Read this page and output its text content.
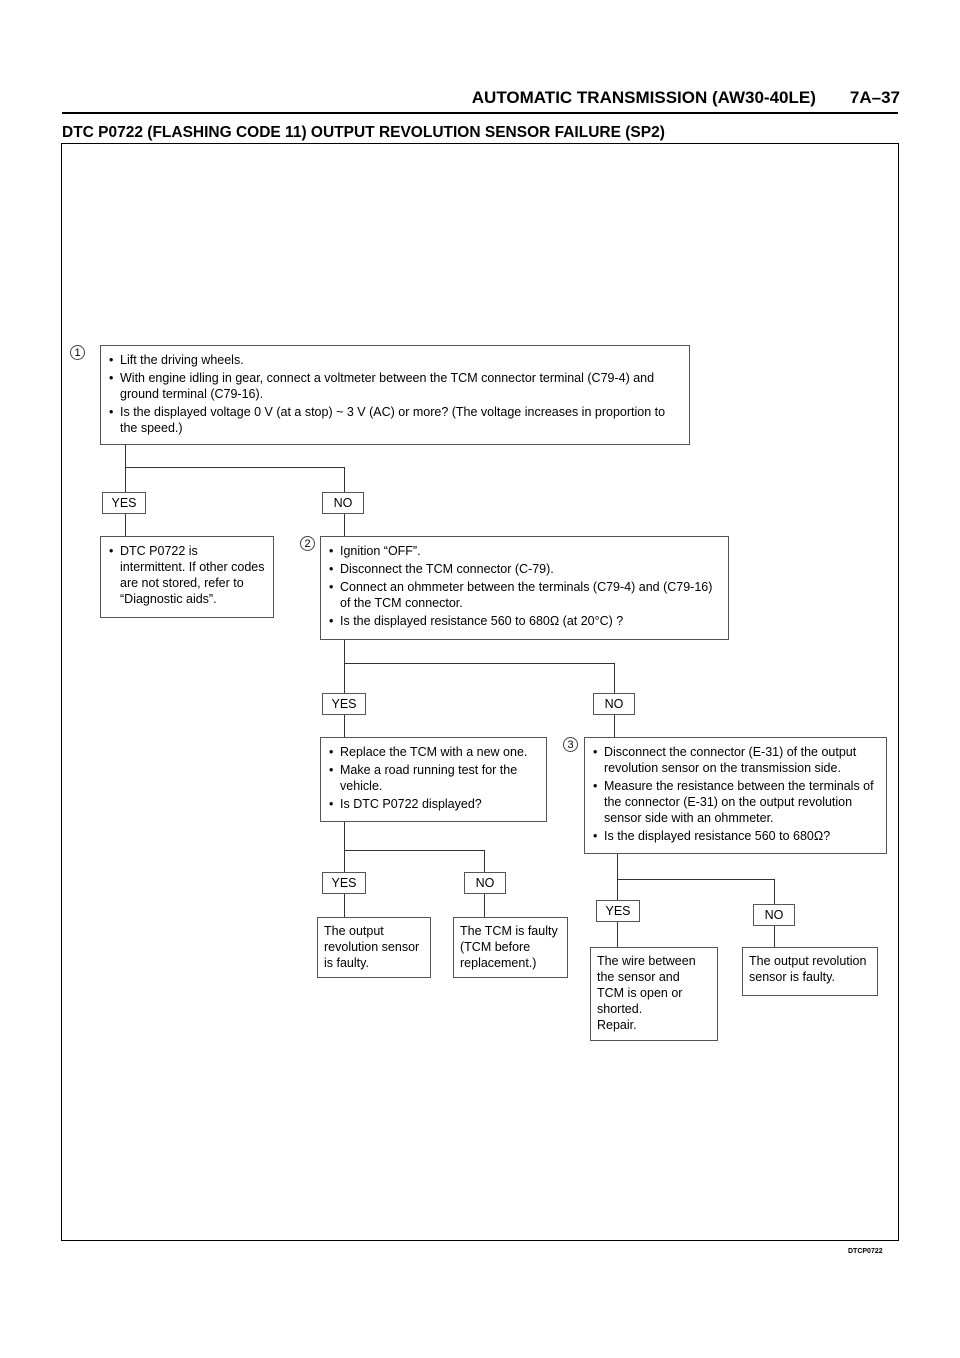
AUTOMATIC TRANSMISSION (AW30-40LE) 7A–37
DTC P0722 (FLASHING CODE 11) OUTPUT REVOLUTION SENSOR FAILURE (SP2)
1	• Lift the driving wheels.
• With engine idling in gear, connect a voltmeter between the TCM connector terminal (C79-4) and ground terminal (C79-16).
• Is the displayed voltage 0 V (at a stop) ~ 3 V (AC) or more? (The voltage increases in proportion to the speed.)
YES	NO
• DTC P0722 is intermittent. If other codes are not stored, refer to “Diagnostic aids”.
2	• Ignition “OFF”.
• Disconnect the TCM connector (C-79).
• Connect an ohmmeter between the terminals (C79-4) and (C79-16) of the TCM connector.
• Is the displayed resistance 560 to 680Ω (at 20°C) ?
YES	NO
• Replace the TCM with a new one.
• Make a road running test for the vehicle.
• Is DTC P0722 displayed?
YES	NO

The output
revolution sensor
is faulty.

The TCM is faulty
(TCM before
replacement.)

3	• Disconnect the connector (E-31) of the output revolution sensor on the transmission side.
• Measure the resistance between the terminals of the connector (E-31) on the output revolution sensor side with an ohmmeter.
• Is the displayed resistance 560 to 680Ω?
YES	NO

The wire between
the sensor and
TCM is open or
shorted.
Repair.

The output revolution
sensor is faulty.

DTCP0722
